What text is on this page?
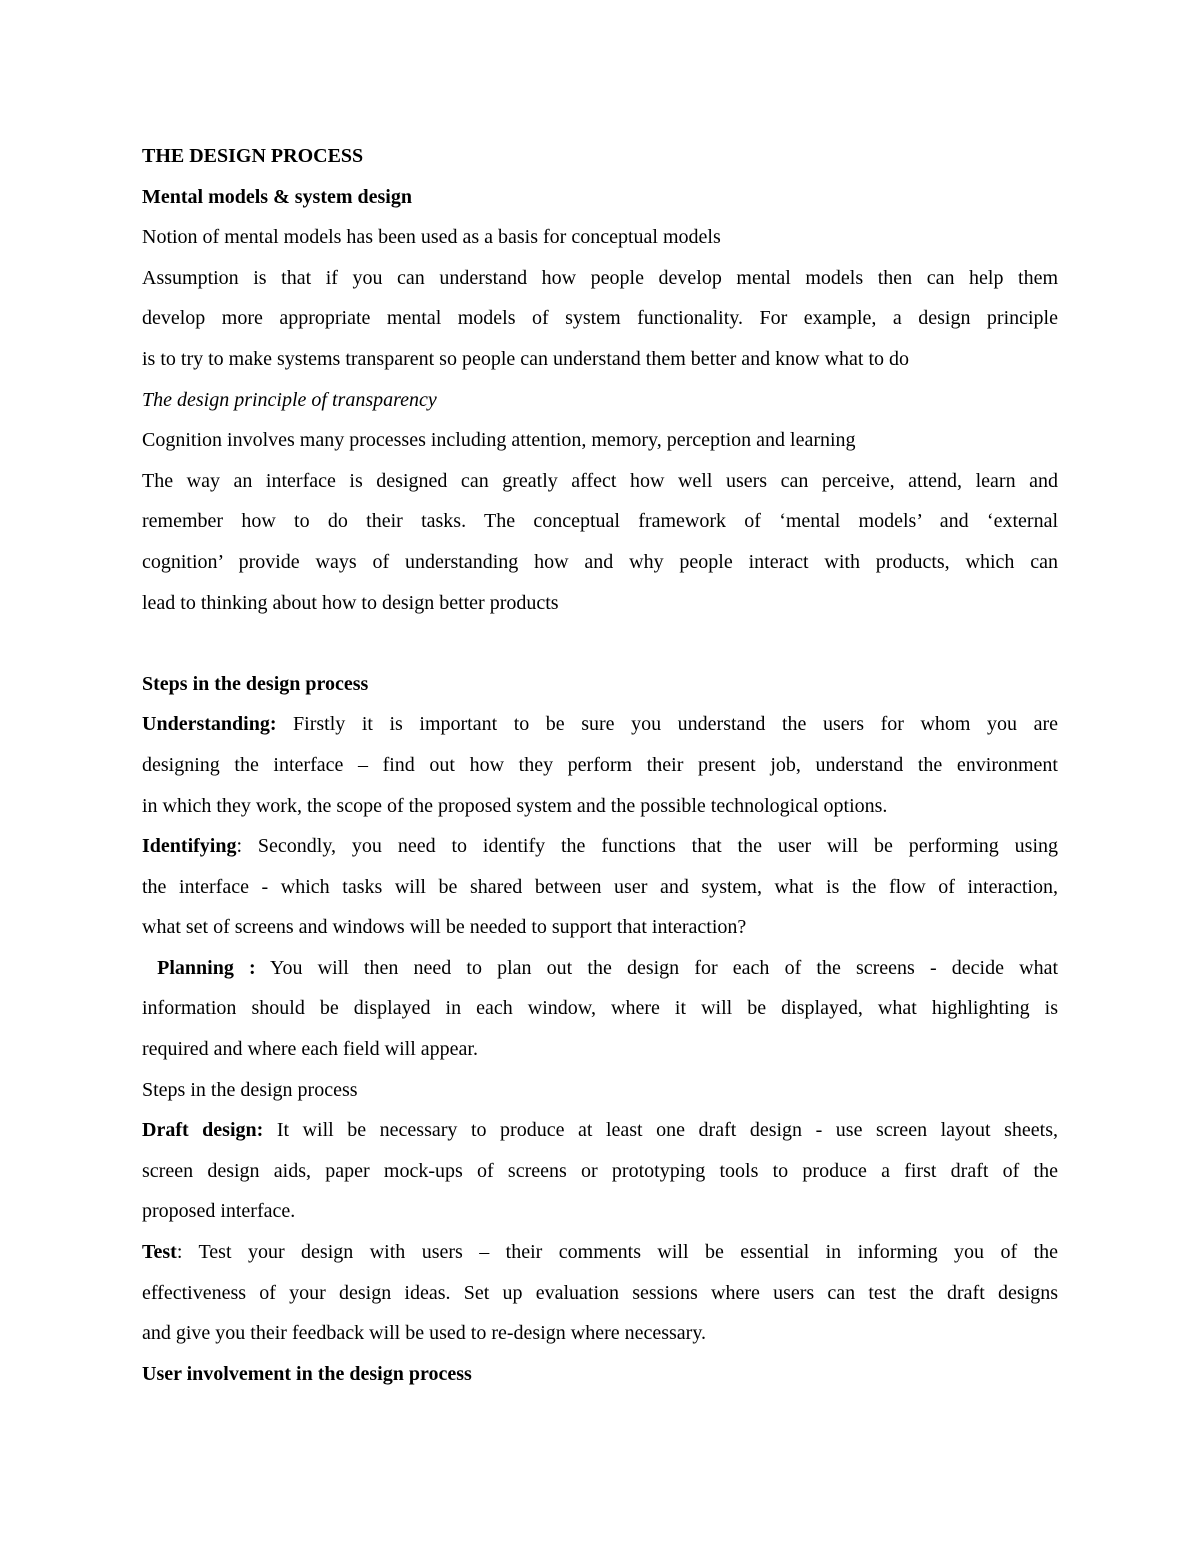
THE DESIGN PROCESS
Mental models & system design
Notion of mental models has been used as a basis for conceptual models
Assumption is that if you can understand how people develop mental models then can help them
develop more appropriate mental models of system functionality. For example, a design principle
is to try to make systems transparent so people can understand them better and know what to do
The design principle of transparency
Cognition involves many processes including attention, memory, perception and learning
The way an interface is designed can greatly affect how well users can perceive, attend, learn and
remember how to do their tasks. The conceptual framework of ‘mental models’ and ‘external
cognition’ provide ways of understanding how and why people interact with products, which can
lead to thinking about how to design better products
Steps in the design process
Understanding: Firstly it is important to be sure you understand the users for whom you are
designing the interface – find out how they perform their present job, understand the environment
in which they work, the scope of the proposed system and the possible technological options.
Identifying: Secondly, you need to identify the functions that the user will be performing using
the interface - which tasks will be shared between user and system, what is the flow of interaction,
what set of screens and windows will be needed to support that interaction?
Planning : You will then need to plan out the design for each of the screens - decide what
information should be displayed in each window, where it will be displayed, what highlighting is
required and where each field will appear.
Steps in the design process
Draft design: It will be necessary to produce at least one draft design - use screen layout sheets,
screen design aids, paper mock-ups of screens or prototyping tools to produce a first draft of the
proposed interface.
Test: Test your design with users – their comments will be essential in informing you of the
effectiveness of your design ideas. Set up evaluation sessions where users can test the draft designs
and give you their feedback will be used to re-design where necessary.
User involvement in the design process
